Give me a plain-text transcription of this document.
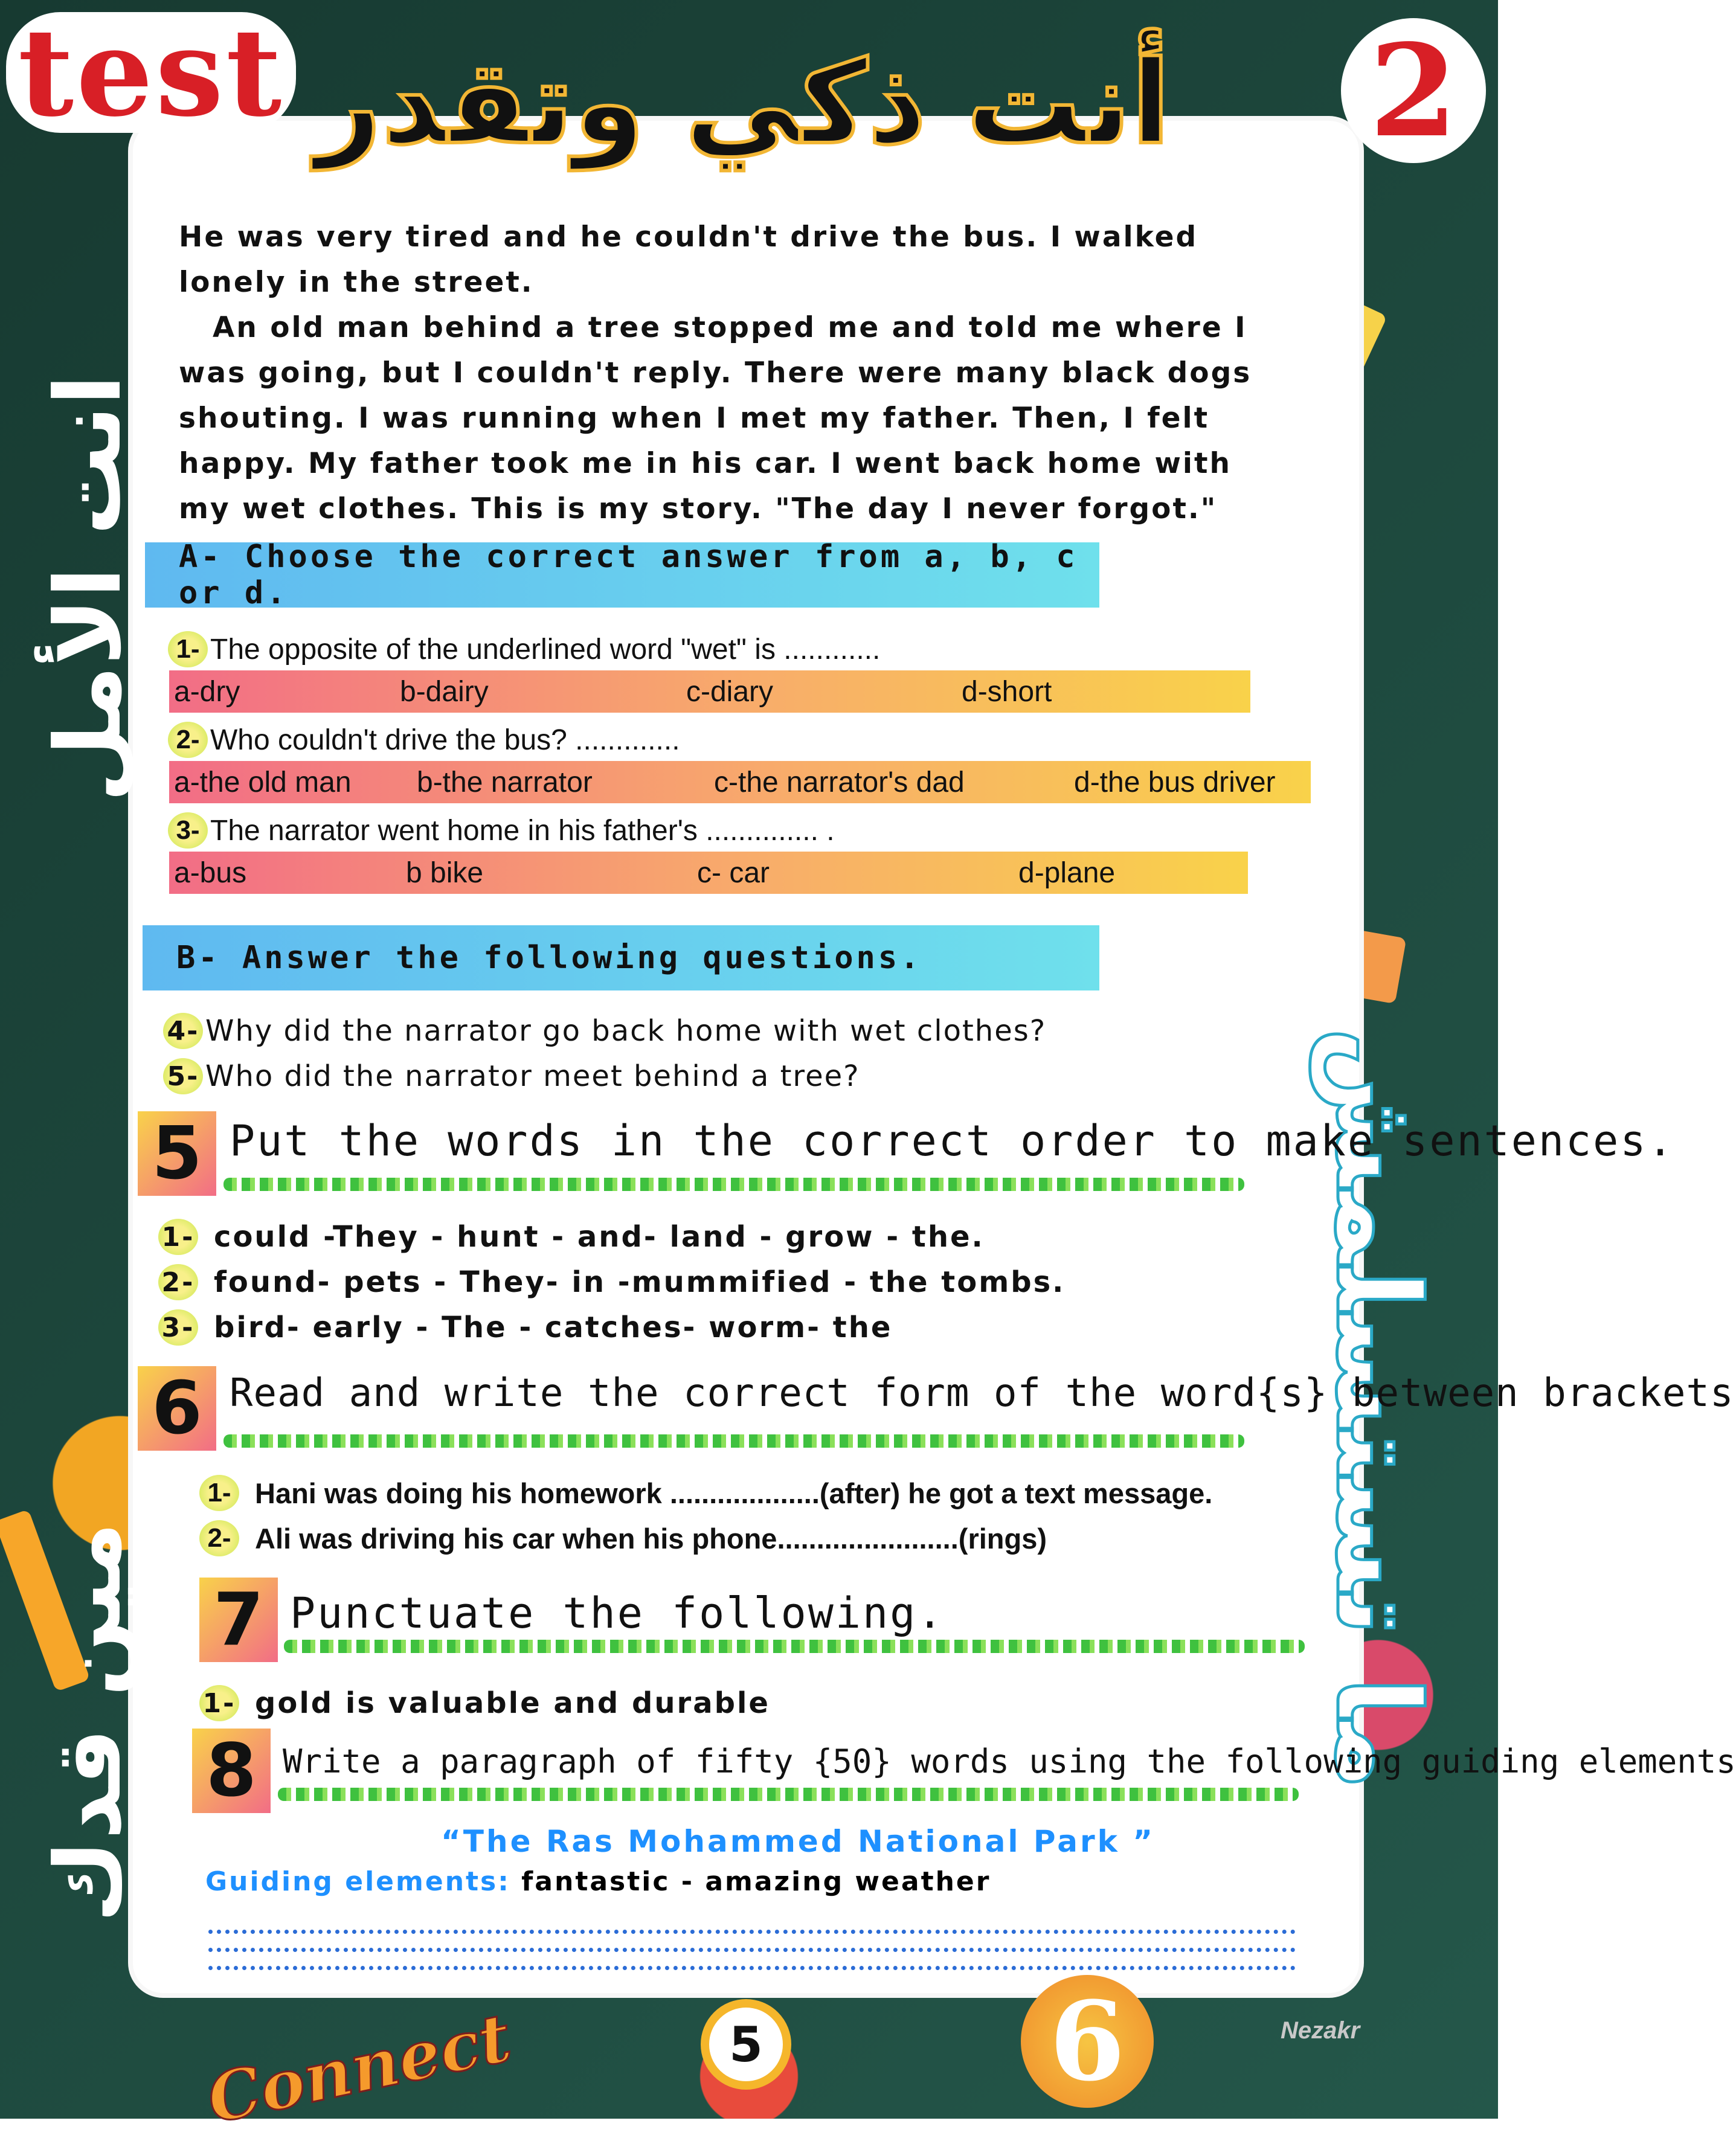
test	2
أنت ذكي وتقدر
انت الأمل
مين قدك	ما تستسلمش

He was very tired and he couldn't drive the bus. I walked

lonely in the street.

An old man behind a tree stopped me and told me where I

was going, but I couldn't reply. There were many black dogs

shouting. I was running when I met my father. Then, I felt

happy. My father took me in his car. I went back home with

my wet clothes. This is my story. "The day I never forgot."

A- Choose the correct answer from a, b, c or d.
1- The opposite of the underlined word "wet" is ............
a-dry	b-dairy	c-diary	d-short
2- Who couldn't drive the bus? .............
a-the old man b-the narrator	c-the narrator's dad	d-the bus driver
3- The narrator went home in his father's .............. .
a-bus	b bike	c- car	d-plane
B- Answer the following questions.
4- Why did the narrator go back home with wet clothes?
5- Who did the narrator meet behind a tree?
5 Put the words in the correct order to make sentences.
1- could -They - hunt - and- land - grow - the.
2- found- pets - They- in -mummified - the tombs.
3- bird- early - The - catches- worm- the
6 Read and write the correct form of the word{s} between brackets
1- Hani was doing his homework ...................(after) he got a text message.
2- Ali was driving his car when his phone.......................(rings)
7 Punctuate the following.
1- gold is valuable and durable
8 Write a paragraph of fifty {50} words using the following guiding elements
“The Ras Mohammed National Park ”
Guiding elements: fantastic - amazing weather
Connect	5	6	Nezakr
